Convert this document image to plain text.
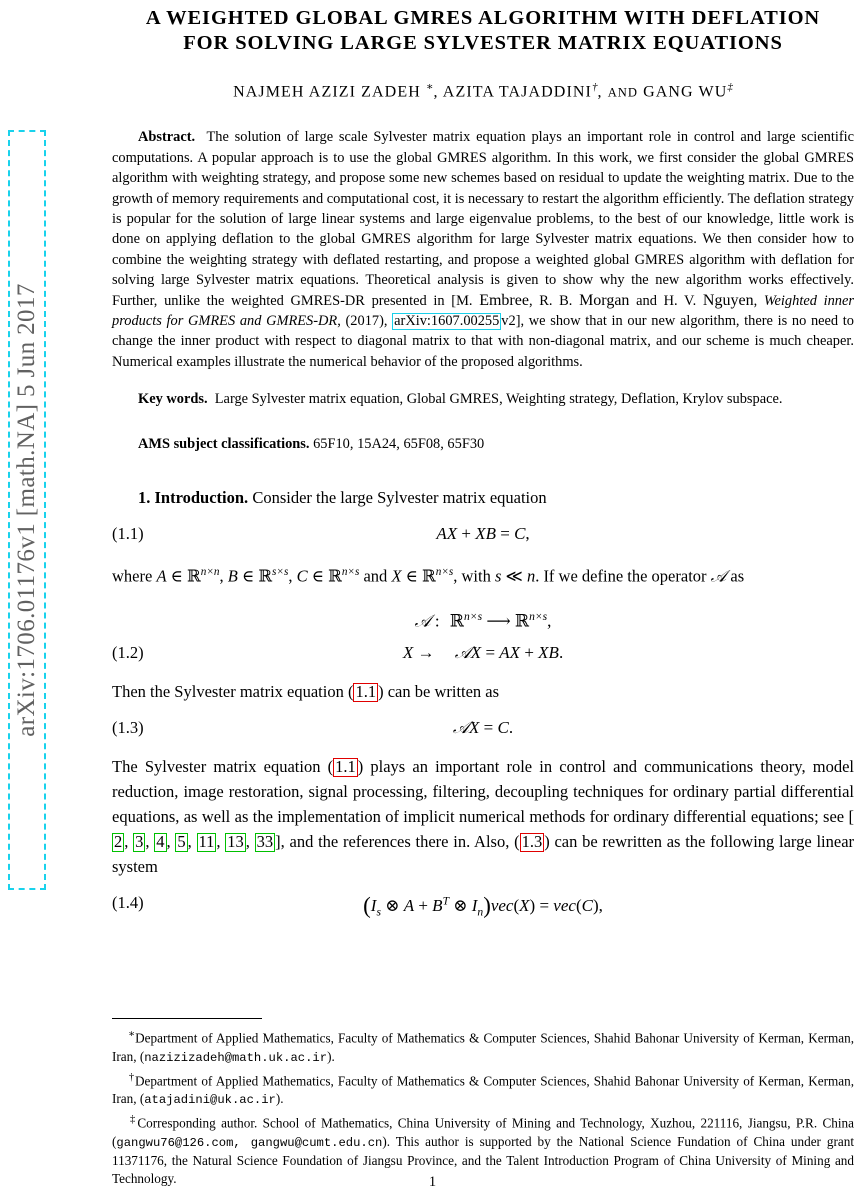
arXiv:1706.01176v1 [math.NA] 5 Jun 2017
A WEIGHTED GLOBAL GMRES ALGORITHM WITH DEFLATION
FOR SOLVING LARGE SYLVESTER MATRIX EQUATIONS
NAJMEH AZIZI ZADEH ∗, AZITA TAJADDINI†, AND GANG WU‡
Abstract. The solution of large scale Sylvester matrix equation plays an important role in control and large scientific computations. A popular approach is to use the global GMRES algorithm. In this work, we first consider the global GMRES algorithm with weighting strategy, and propose some new schemes based on residual to update the weighting matrix. Due to the growth of memory requirements and computational cost, it is necessary to restart the algorithm efficiently. The deflation strategy is popular for the solution of large linear systems and large eigenvalue problems, to the best of our knowledge, little work is done on applying deflation to the global GMRES algorithm for large Sylvester matrix equations. We then consider how to combine the weighting strategy with deflated restarting, and propose a weighted global GMRES algorithm with deflation for solving large Sylvester matrix equations. Theoretical analysis is given to show why the new algorithm works effectively. Further, unlike the weighted GMRES-DR presented in [M. Embree, R. B. Morgan and H. V. Nguyen, Weighted inner products for GMRES and GMRES-DR, (2017), arXiv:1607.00255 v2], we show that in our new algorithm, there is no need to change the inner product with respect to diagonal matrix to that with non-diagonal matrix, and our scheme is much cheaper. Numerical examples illustrate the numerical behavior of the proposed algorithms.
Key words. Large Sylvester matrix equation, Global GMRES, Weighting strategy, Deflation, Krylov subspace.
AMS subject classifications. 65F10, 15A24, 65F08, 65F30
1. Introduction. Consider the large Sylvester matrix equation
(1.1)	AX + XB = C,
where A ∈ ℝ$^{n\times n}$, B ∈ ℝ$^{s\times s}$, C ∈ ℝ$^{n\times s}$ and X ∈ ℝ$^{n\times s}$, with s ≪ n. If we define the operator 𝒜 as
𝒜 : ℝ$^{n\times s}$ ⟶ ℝ$^{n\times s}$,
(1.2)	X → 𝒜X = AX + XB.
Then the Sylvester matrix equation ( 1.1 ) can be written as
(1.3)	𝒜X = C.
The Sylvester matrix equation ( 1.1 ) plays an important role in control and communications theory, model reduction, image restoration, signal processing, filtering, decoupling techniques for ordinary partial differential equations, as well as the implementation of implicit numerical methods for ordinary differential equations; see [2 , 3 , 4 , 5 , 11 , 13 , 33 ], and the references there in. Also, ( 1.3 ) can be rewritten as the following large linear system
(1.4)	($I_s$ ⊗ $A + B^T$ ⊗ $I_n)vec(X) = vec(C)$,

∗Department of Applied Mathematics, Faculty of Mathematics & Computer Sciences, Shahid Bahonar University of Kerman, Kerman, Iran, (nazizizadeh@math.uk.ac.ir).

†Department of Applied Mathematics, Faculty of Mathematics & Computer Sciences, Shahid Bahonar University of Kerman, Kerman, Iran, (atajadini@uk.ac.ir).

‡Corresponding author. School of Mathematics, China University of Mining and Technology, Xuzhou, 221116, Jiangsu, P.R. China (gangwu76@126.com, gangwu@cumt.edu.cn). This author is supported by the National Science Fundation of China under grant 11371176, the Natural Science Foundation of Jiangsu Province, and the Talent Introduction Program of China University of Mining and Technology.	1
